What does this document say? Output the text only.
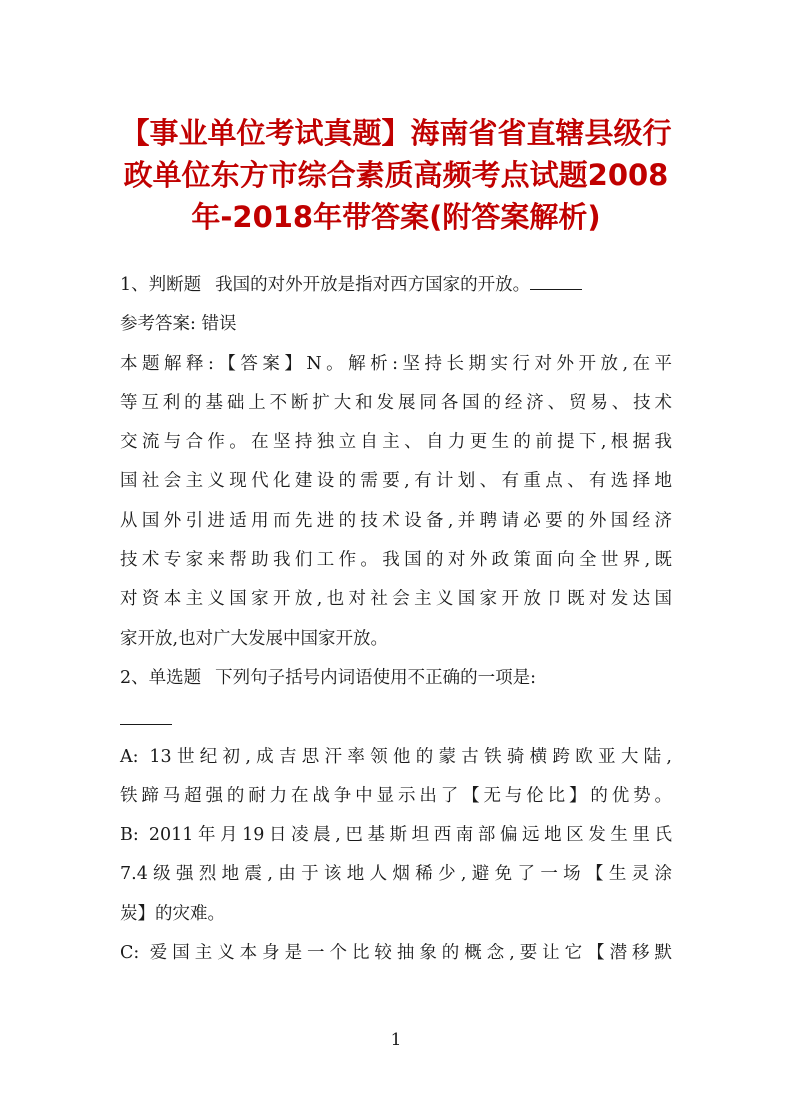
【事业单位考试真题】海南省省直辖县级行
政单位东方市综合素质高频考点试题2008
年-2018年带答案(附答案解析)
1、判断题 我国的对外开放是指对西方国家的开放。
参考答案: 错误
本题解释:【答案】N。解析:坚持长期实行对外开放,在平
等互利的基础上不断扩大和发展同各国的经济、贸易、技术
交流与合作。在坚持独立自主、自力更生的前提下,根据我
国社会主义现代化建设的需要,有计划、有重点、有选择地
从国外引进适用而先进的技术设备,并聘请必要的外国经济
技术专家来帮助我们工作。我国的对外政策面向全世界,既
对资本主义国家开放,也对社会主义国家开放卩既对发达国
家开放,也对广大发展中国家开放。
2、单选题 下列句子括号内词语使用不正确的一项是:
A: 13世纪初,成吉思汗率领他的蒙古铁骑横跨欧亚大陆,
铁蹄马超强的耐力在战争中显示出了【无与伦比】的优势。
B: 2011年月19日凌晨,巴基斯坦西南部偏远地区发生里氏
7.4级强烈地震,由于该地人烟稀少,避免了一场【生灵涂
炭】的灾难。
C: 爱国主义本身是一个比较抽象的概念,要让它【潜移默
1
